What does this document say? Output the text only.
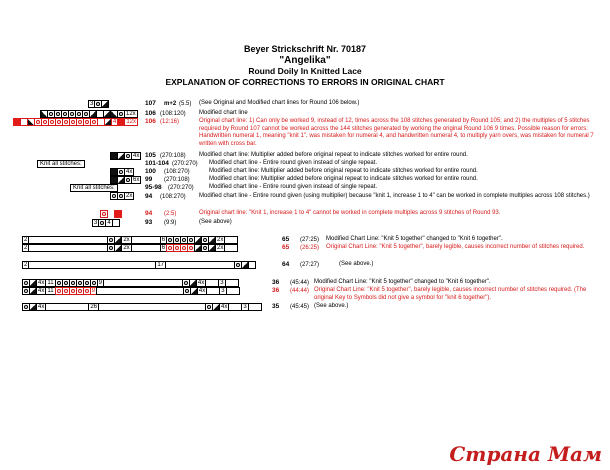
Beyer Strickschrift Nr. 70187
"Angelika"
Round Doily In Knitted Lace
EXPLANATION OF CORRECTIONS TO ERRORS IN ORIGINAL CHART
3
12x
4	12x
107 m+2 (5.5) (See Original and Modified chart lines for Round 106 below.)
106 (108:120) Modified chart line
106 (12:16)	Original chart line: 1) Can only be worked 9, instead of 12, times across the 108 stitches generated by Round 105; and 2) the multiples of 5 stitches required by Round 107 cannot be worked across the 144 stitches generated by working the original Round 106 9 times. Possible reason for errors: Handwritten numeral 1, meaning "knit 1", was mistaken for numeral 4, and handwritten numeral 4, to multiply yarn overs, was mistaken for numeral 7 written with cross bar.
4x
Knit all stitches:
4x
6x
Knit all stitches:
2x
3	4
105 (270:108) Modified chart line: Multiplier added before original repeat to indicate stitches worked for entire round.
101-104 (270:270) Modified chart line - Entire round given instead of single repeat.
100 (108:270)	Modified chart line: Multiplier added before original repeat to indicate stitches worked for entire round.
99 (270:108)	Modified chart line: Multiplier added before original repeat to indicate stitches worked for entire round.
95-98 (270:270)	Modified chart line - Entire round given instead of single repeat.
94 (108:270) Modified chart line - Entire round given (using multiplier) because "knit 1, increase 1 to 4" can be worked in complete multiples across 108 stitches.)
94 (2:5)	Original chart line: "Knit 1, increase 1 to 4" cannot be worked in complete multiples across 9 stitches of Round 93.
93 (9:9)	(See above)
2	2x	6	2x
2	2x	6	2x
2	17
65 (27:25) Modified Chart Line: "Knit 5 together" changed to "Knit 6 together".
65 (26:25) Original Chart Line: "Knit 5 together", barely legible, causes incorrect number of stitches required.
64 (27:27)	(See above.)
4x 11	9	4x	3
4x 11	9	4x	3
4x	26	4x	3
36 (45:44) Modified Chart Line: "Knit 5 together" changed to "Knit 6 together".
36 (44:44) Original Chart Line: "Knit 5 together", barely legible, causes incorrect number of stitches required. (The original Key to Symbols did not give a symbol for "knit 6 together").
35 (45:45) (See above.)
Страна Мам
